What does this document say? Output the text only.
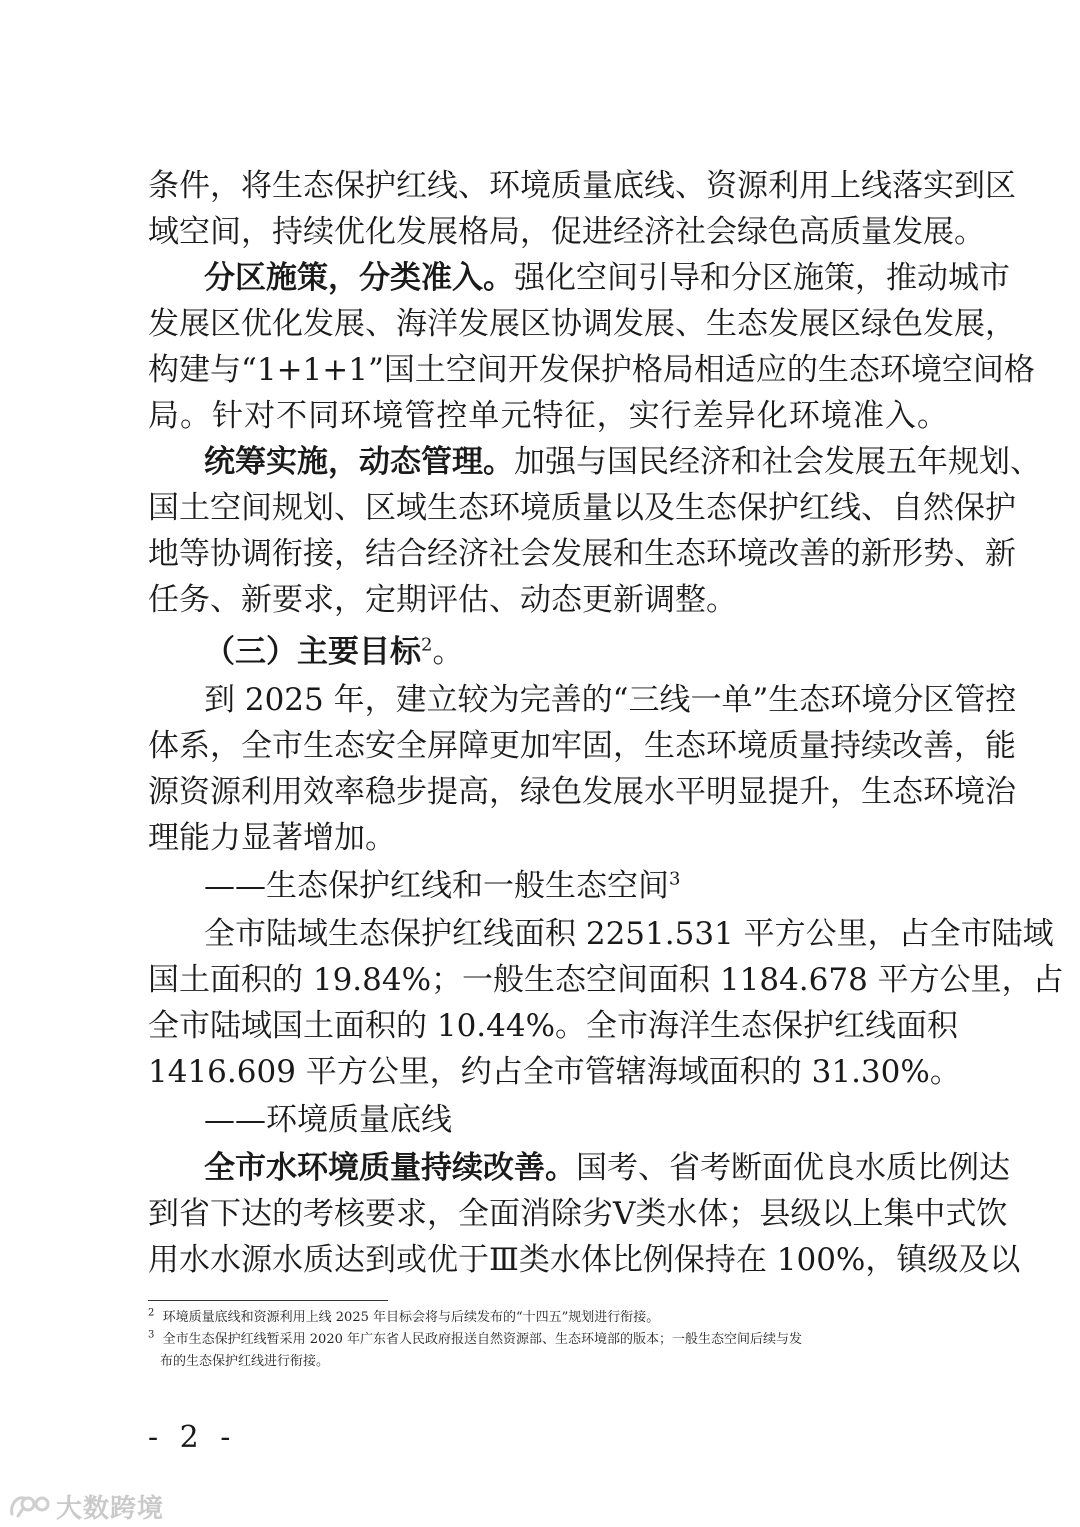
条件，将生态保护红线、环境质量底线、资源利用上线落实到区
域空间，持续优化发展格局，促进经济社会绿色高质量发展。
分区施策，分类准入。强化空间引导和分区施策，推动城市
发展区优化发展、海洋发展区协调发展、生态发展区绿色发展，
构建与“1+1+1”国土空间开发保护格局相适应的生态环境空间格
局。针对不同环境管控单元特征，实行差异化环境准入。
统筹实施，动态管理。加强与国民经济和社会发展五年规划、
国土空间规划、区域生态环境质量以及生态保护红线、自然保护
地等协调衔接，结合经济社会发展和生态环境改善的新形势、新
任务、新要求，定期评估、动态更新调整。
（三）主要目标$^2$。
到 2025 年，建立较为完善的“三线一单”生态环境分区管控
体系，全市生态安全屏障更加牢固，生态环境质量持续改善，能
源资源利用效率稳步提高，绿色发展水平明显提升，生态环境治
理能力显著增加。
——生态保护红线和一般生态空间$^3$
全市陆域生态保护红线面积 2251.531 平方公里，占全市陆域
国土面积的 19.84%；一般生态空间面积 1184.678 平方公里，占
全市陆域国土面积的 10.44%。全市海洋生态保护红线面积
1416.609 平方公里，约占全市管辖海域面积的 31.30%。
——环境质量底线
全市水环境质量持续改善。国考、省考断面优良水质比例达
到省下达的考核要求，全面消除劣Ⅴ类水体；县级以上集中式饮
用水水源水质达到或优于Ⅲ类水体比例保持在 100%，镇级及以
$^2$ 环境质量底线和资源利用上线 2025 年目标会将与后续发布的“十四五”规划进行衔接。
$^3$ 全市生态保护红线暂采用 2020 年广东省人民政府报送自然资源部、生态环境部的版本；一般生态空间后续与发
布的生态保护红线进行衔接。
- 2 -
大数跨境
